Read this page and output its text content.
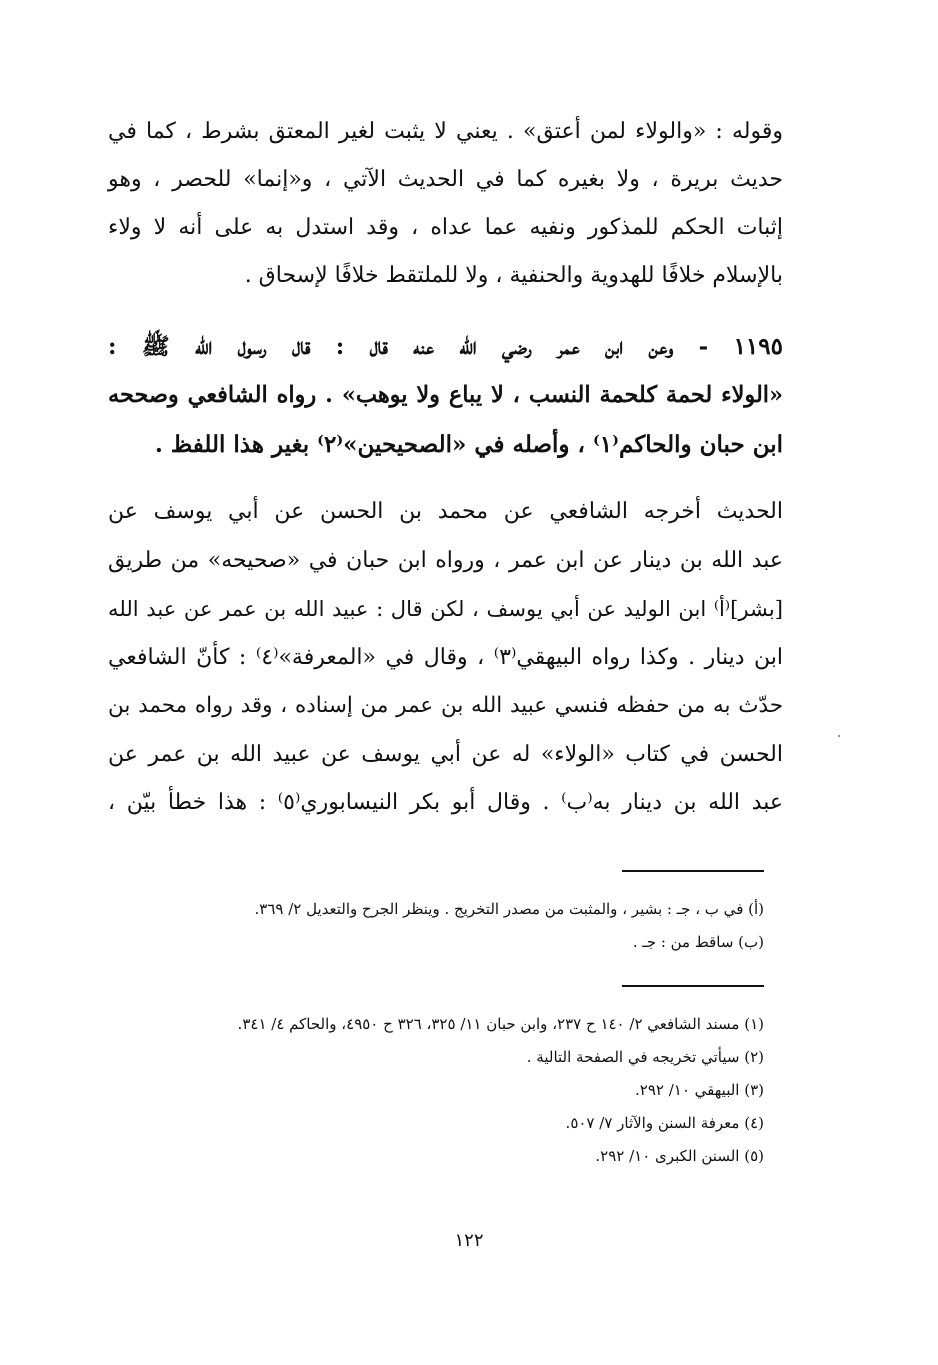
وقوله : «والولاء لمن أعتق» . يعني لا يثبت لغير المعتق بشرط ، كما في
حديث بريرة ، ولا بغيره كما في الحديث الآتي ، و«إنما» للحصر ، وهو
إثبات الحكم للمذكور ونفيه عما عداه ، وقد استدل به على أنه لا ولاء
بالإسلام خلافًا للهدوية والحنفية ، ولا للملتقط خلافًا لإسحاق .
١١٩٥ - وعن ابن عمر رضي الله عنه قال : قال رسول الله ﷺ :
«الولاء لحمة كلحمة النسب ، لا يباع ولا يوهب» . رواه الشافعي وصححه
ابن حبان والحاكم⁽١⁾ ، وأصله في «الصحيحين»⁽٢⁾ بغير هذا اللفظ .
الحديث أخرجه الشافعي عن محمد بن الحسن عن أبي يوسف عن
عبد الله بن دينار عن ابن عمر ، ورواه ابن حبان في «صحيحه» من طريق
[بشر]⁽أ⁾ ابن الوليد عن أبي يوسف ، لكن قال : عبيد الله بن عمر عن عبد الله
ابن دينار . وكذا رواه البيهقي⁽٣⁾ ، وقال في «المعرفة»⁽٤⁾ : كأنّ الشافعي
حدّث به من حفظه فنسي عبيد الله بن عمر من إسناده ، وقد رواه محمد بن
الحسن في كتاب «الولاء» له عن أبي يوسف عن عبيد الله بن عمر عن
عبد الله بن دينار به⁽ب⁾ . وقال أبو بكر النيسابوري⁽٥⁾ : هذا خطأ بيّن ،
(أ) في ب ، جـ : بشير ، والمثبت من مصدر التخريج . وينظر الجرح والتعديل ٢/ ٣٦٩.
(ب) ساقط من : جـ .
(١) مسند الشافعي ٢/ ١٤٠ ح ٢٣٧، وابن حبان ١١/ ٣٢٥، ٣٢٦ ح ٤٩٥٠، والحاكم ٤/ ٣٤١.
(٢) سيأتي تخريجه في الصفحة التالية .
(٣) البيهقي ١٠/ ٢٩٢.
(٤) معرفة السنن والآثار ٧/ ٥٠٧.
(٥) السنن الكبرى ١٠/ ٢٩٢.
١٢٢
